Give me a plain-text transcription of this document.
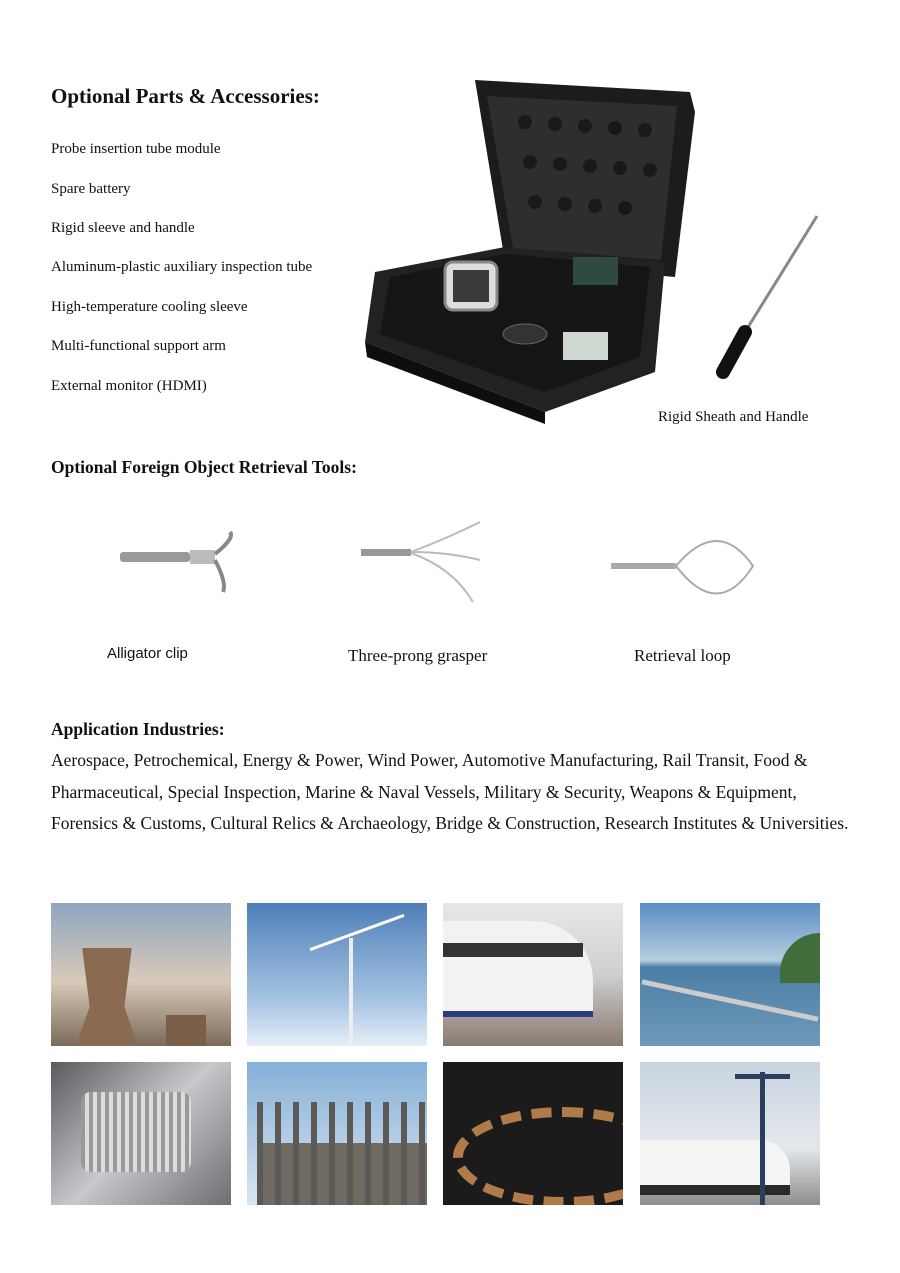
Optional Parts & Accessories:
Probe insertion tube module
Spare battery
Rigid sleeve and handle
Aluminum-plastic auxiliary inspection tube
High-temperature cooling sleeve
Multi-functional support arm
External monitor (HDMI)
Rigid Sheath and Handle
Optional Foreign Object Retrieval Tools:
Alligator clip	Three-prong grasper	Retrieval loop
Application Industries:
Aerospace, Petrochemical, Energy & Power, Wind Power, Automotive Manufacturing, Rail Transit, Food & Pharmaceutical, Special Inspection, Marine & Naval Vessels, Military & Security, Weapons & Equipment, Forensics & Customs, Cultural Relics & Archaeology, Bridge & Construction, Research Institutes & Universities.
